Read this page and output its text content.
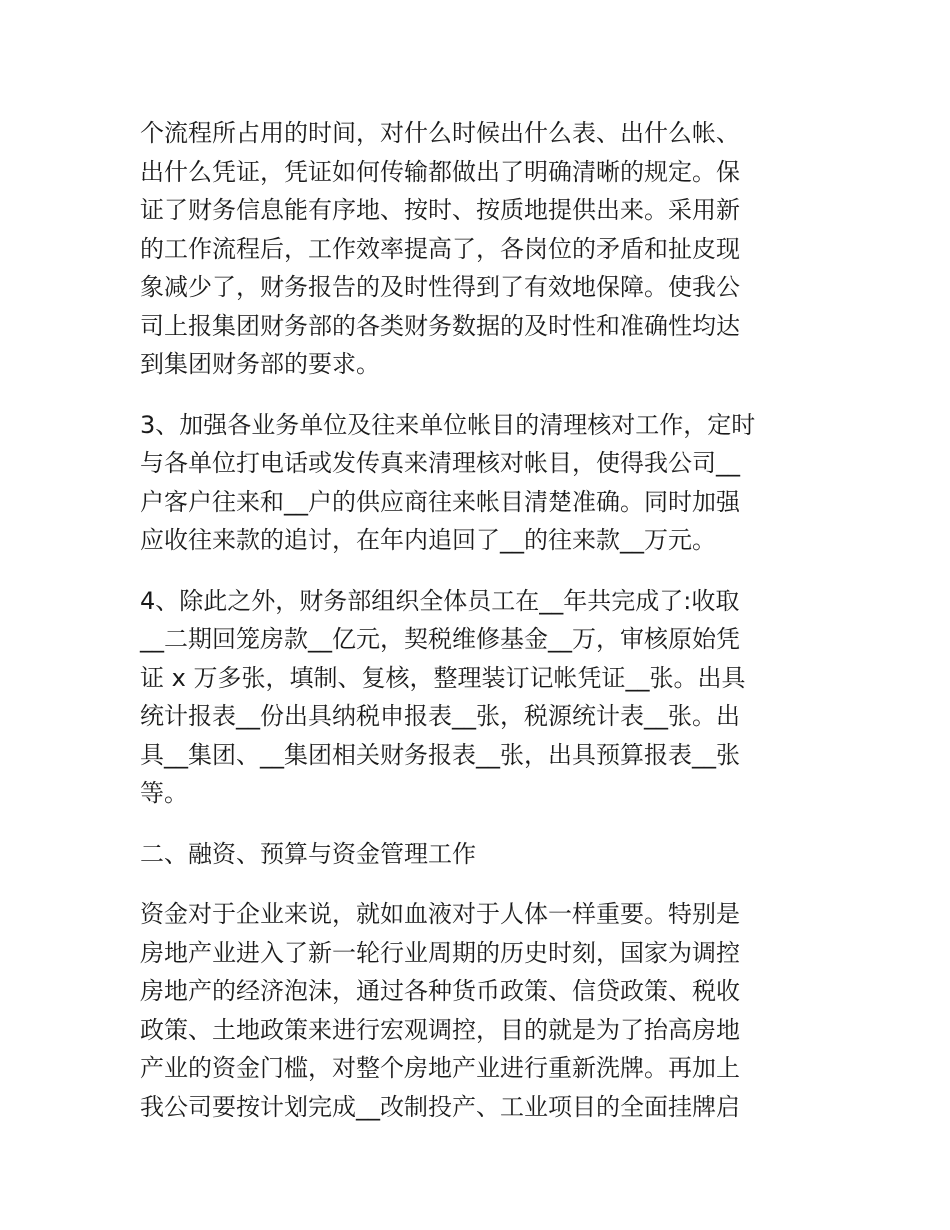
个流程所占用的时间，对什么时候出什么表、出什么帐、
出什么凭证，凭证如何传输都做出了明确清晰的规定。保
证了财务信息能有序地、按时、按质地提供出来。采用新
的工作流程后，工作效率提高了，各岗位的矛盾和扯皮现
象减少了，财务报告的及时性得到了有效地保障。使我公
司上报集团财务部的各类财务数据的及时性和准确性均达
到集团财务部的要求。
3、加强各业务单位及往来单位帐目的清理核对工作，定时
与各单位打电话或发传真来清理核对帐目，使得我公司__
户客户往来和__户的供应商往来帐目清楚准确。同时加强
应收往来款的追讨，在年内追回了__的往来款__万元。
4、除此之外，财务部组织全体员工在__年共完成了:收取
__二期回笼房款__亿元，契税维修基金__万，审核原始凭
证 x 万多张，填制、复核，整理装订记帐凭证__张。出具
统计报表__份出具纳税申报表__张，税源统计表__张。出
具__集团、__集团相关财务报表__张，出具预算报表__张
等。
二、融资、预算与资金管理工作
资金对于企业来说，就如血液对于人体一样重要。特别是
房地产业进入了新一轮行业周期的历史时刻，国家为调控
房地产的经济泡沫，通过各种货币政策、信贷政策、税收
政策、土地政策来进行宏观调控，目的就是为了抬高房地
产业的资金门槛，对整个房地产业进行重新洗牌。再加上
我公司要按计划完成__改制投产、工业项目的全面挂牌启
